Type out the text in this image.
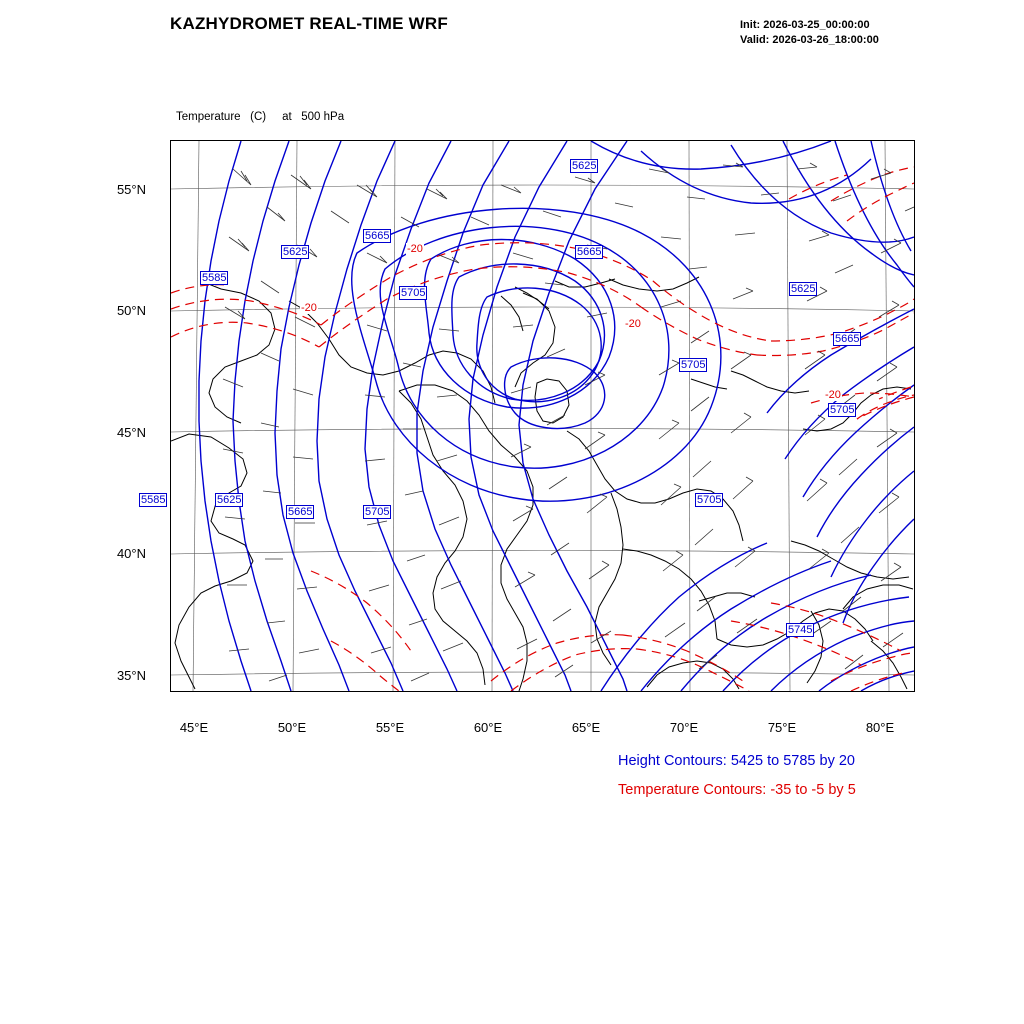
KAZHYDROMET REAL-TIME WRF	Init: 2026-03-25_00:00:00
Valid: 2026-03-26_18:00:00

Temperature   (C)     at   500 hPa

55°N
50°N
45°N
40°N
35°N
45°E	50°E	55°E	60°E	65°E	70°E	75°E	80°E
5625
5665
5625	5665
5585
5705	5625
5665
5705
5705
5585	5625
5665	5705
5705
5745
-20
-20
-20
-20
Height Contours: 5425 to 5785 by 20
Temperature Contours: -35 to -5 by 5
